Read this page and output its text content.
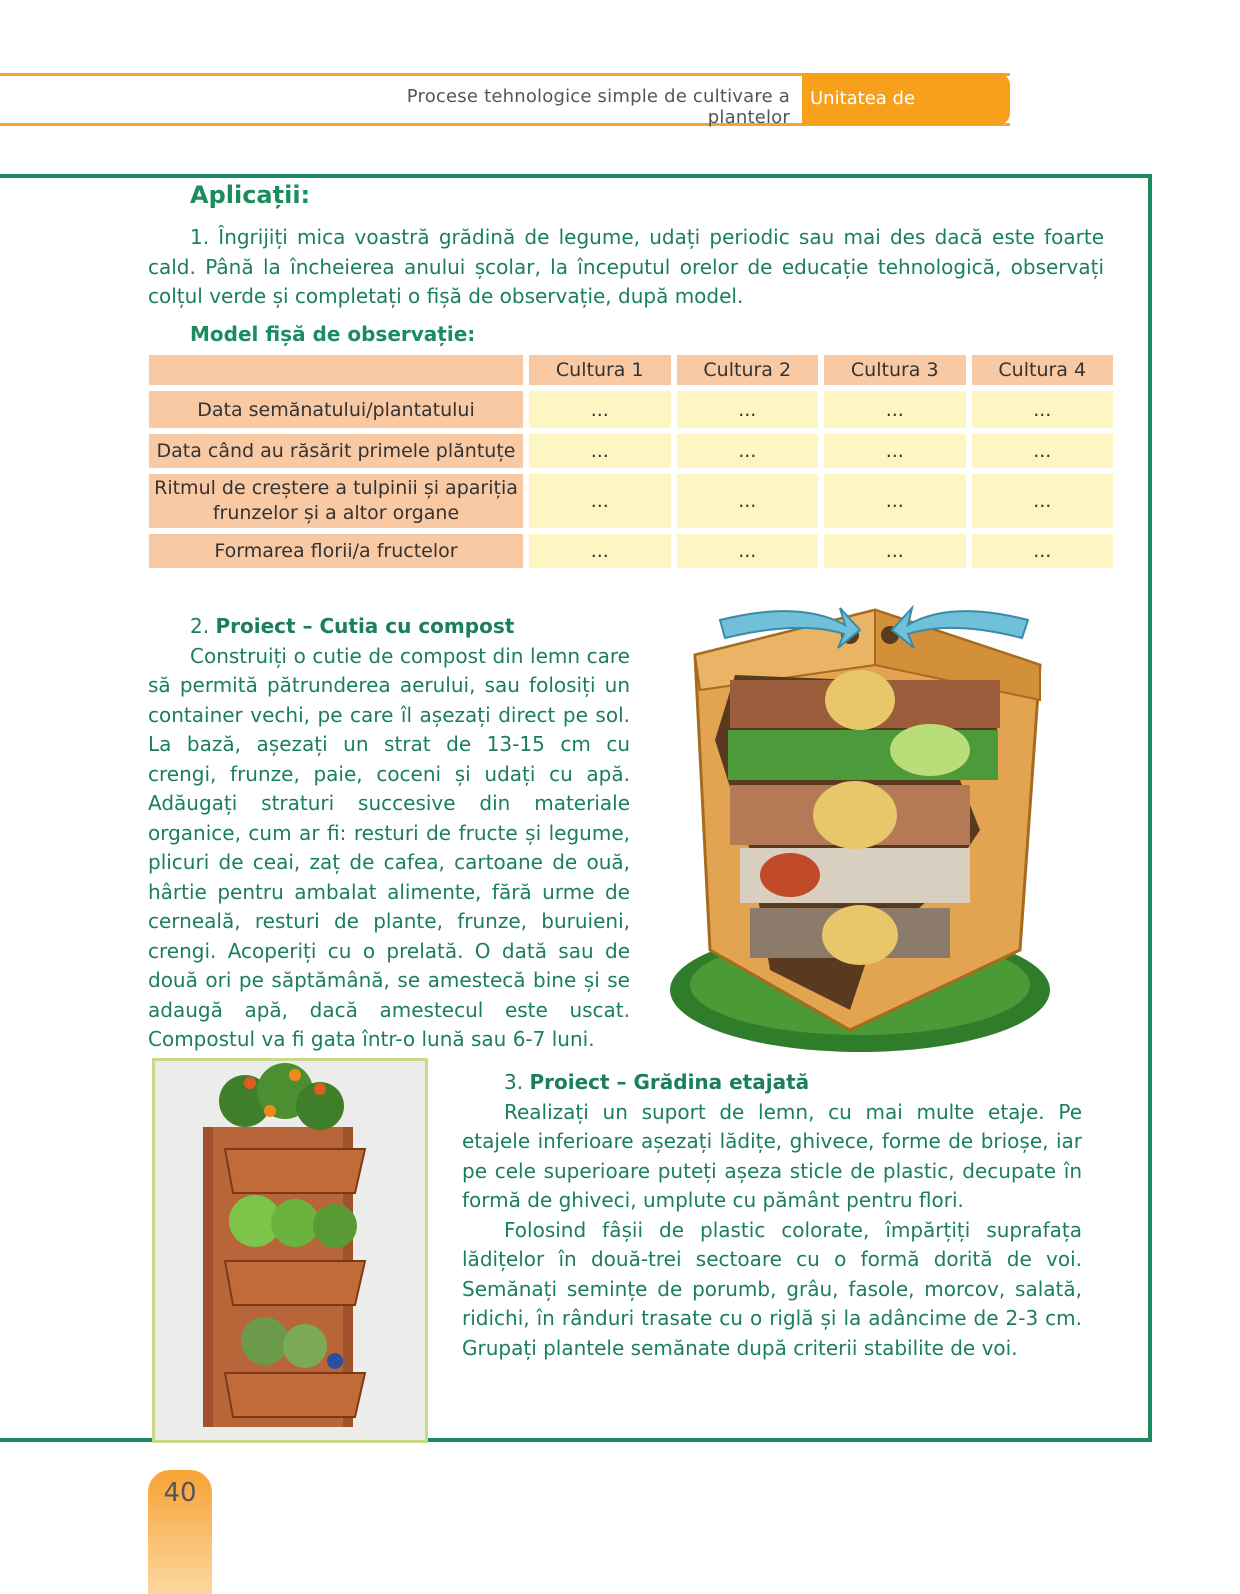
Procese tehnologice simple de cultivare a plantelor
Unitatea de învățare 2
Aplicații:
1. Îngrijiți mica voastră grădină de legume, udați periodic sau mai des dacă este foarte cald. Până la încheierea anului școlar, la începutul orelor de educație tehnologică, observați colțul verde și completați o fișă de observație, după model.
Model fișă de observație:
	Cultura 1	Cultura 2	Cultura 3	Cultura 4
Data semănatului/plantatului	...	...	...	...
Data când au răsărit primele plăntuțe	...	...	...	...
Ritmul de creștere a tulpinii și apariția frunzelor și a altor organe	...	...	...	...
Formarea florii/a fructelor	...	...	...	...

2. Proiect – Cutia cu compost

Construiți o cutie de compost din lemn care să permită pătrunderea aerului, sau folosiți un container vechi, pe care îl așezați direct pe sol. La bază, așezați un strat de 13-15 cm cu crengi, frunze, paie, coceni și udați cu apă. Adăugați straturi succesive din materiale organice, cum ar fi: resturi de fructe și legume, plicuri de ceai, zaț de cafea, cartoane de ouă, hârtie pentru ambalat alimente, fără urme de cerneală, resturi de plante, frunze, buruieni, crengi. Acoperiți cu o prelată. O dată sau de două ori pe săptămână, se amestecă bine și se adaugă apă, dacă amestecul este uscat. Compostul va fi gata într-o lună sau 6-7 luni.

3. Proiect – Grădina etajată

Realizați un suport de lemn, cu mai multe etaje. Pe etajele inferioare așezați lădițe, ghivece, forme de brioșe, iar pe cele superioare puteți așeza sticle de plastic, decupate în formă de ghiveci, umplute cu pământ pentru flori.

Folosind fâșii de plastic colorate, împărțiți suprafața lădițelor în două-trei sectoare cu o formă dorită de voi. Semănați semințe de porumb, grâu, fasole, morcov, salată, ridichi, în rânduri trasate cu o riglă și la adâncime de 2-3 cm. Grupați plantele semănate după criterii stabilite de voi.

40
